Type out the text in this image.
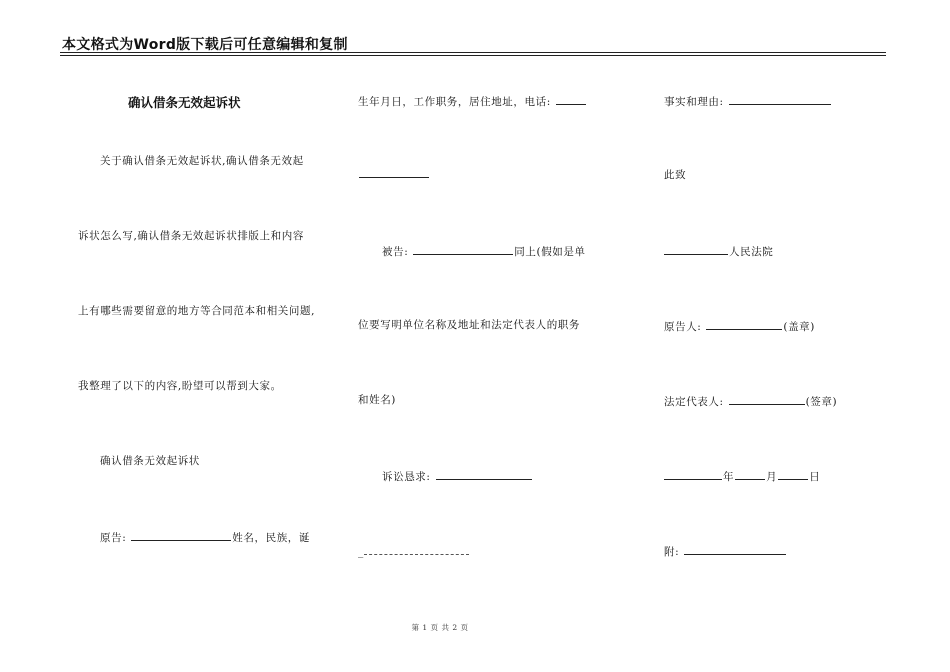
本文格式为Word版下载后可任意编辑和复制
确认借条无效起诉状
关于确认借条无效起诉状,确认借条无效起
诉状怎么写,确认借条无效起诉状排版上和内容
上有哪些需要留意的地方等合同范本和相关问题,
我整理了以下的内容,盼望可以帮到大家。
确认借条无效起诉状
原告:	姓名，民族，诞
生年月日，工作职务，居住地址，电话:
被告:	同上(假如是单
位要写明单位名称及地址和法定代表人的职务
和姓名)
诉讼恳求:
_
事实和理由:
此致
人民法院
原告人:	(盖章)
法定代表人:	(签章)
年	月	日
附:
第 1 页 共 2 页
